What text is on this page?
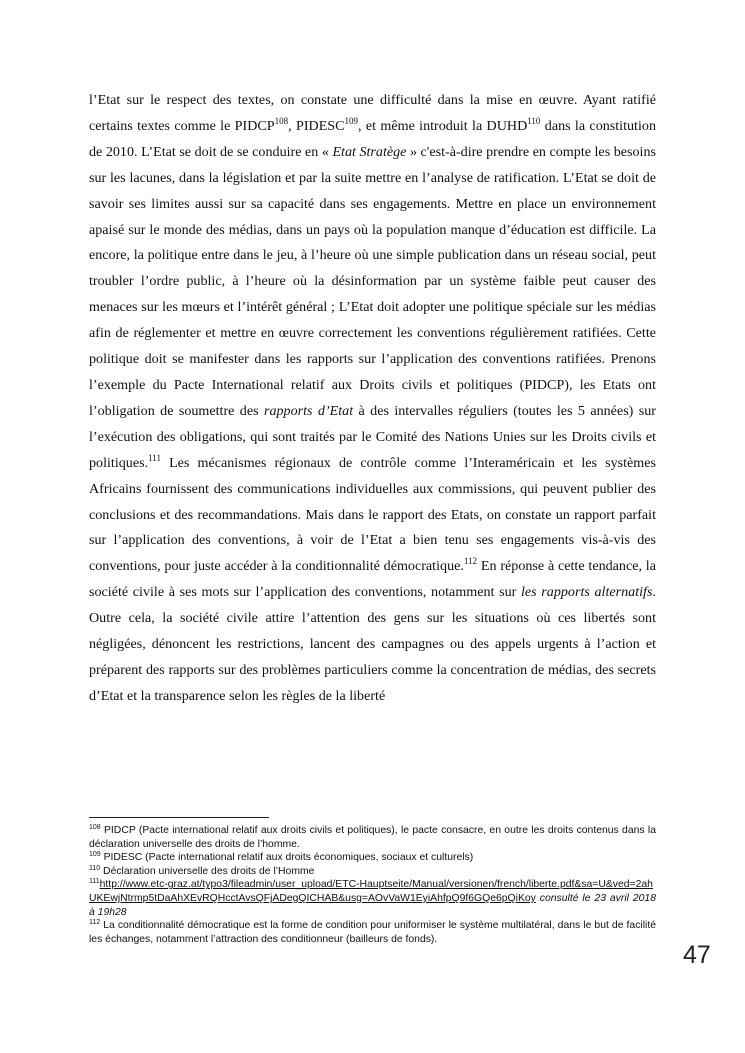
l’Etat sur le respect des textes, on constate une difficulté dans la mise en œuvre. Ayant ratifié certains textes comme le PIDCP$^{108}$, PIDESC$^{109}$, et même introduit la DUHD$^{110}$ dans la constitution de 2010. L’Etat se doit de se conduire en « Etat Stratège » c'est-à-dire prendre en compte les besoins sur les lacunes, dans la législation et par la suite mettre en l’analyse de ratification. L’Etat se doit de savoir ses limites aussi sur sa capacité dans ses engagements. Mettre en place un environnement apaisé sur le monde des médias, dans un pays où la population manque d’éducation est difficile. La encore, la politique entre dans le jeu, à l’heure où une simple publication dans un réseau social, peut troubler l’ordre public, à l’heure où la désinformation par un système faible peut causer des menaces sur les mœurs et l’intérêt général ; L’Etat doit adopter une politique spéciale sur les médias afin de réglementer et mettre en œuvre correctement les conventions régulièrement ratifiées. Cette politique doit se manifester dans les rapports sur l’application des conventions ratifiées. Prenons l’exemple du Pacte International relatif aux Droits civils et politiques (PIDCP), les Etats ont l’obligation de soumettre des rapports d’Etat à des intervalles réguliers (toutes les 5 années) sur l’exécution des obligations, qui sont traités par le Comité des Nations Unies sur les Droits civils et politiques.$^{111}$ Les mécanismes régionaux de contrôle comme l’Interaméricain et les systèmes Africains fournissent des communications individuelles aux commissions, qui peuvent publier des conclusions et des recommandations. Mais dans le rapport des Etats, on constate un rapport parfait sur l’application des conventions, à voir de l’Etat a bien tenu ses engagements vis-à-vis des conventions, pour juste accéder à la conditionnalité démocratique.$^{112}$ En réponse à cette tendance, la société civile à ses mots sur l’application des conventions, notamment sur les rapports alternatifs. Outre cela, la société civile attire l’attention des gens sur les situations où ces libertés sont négligées, dénoncent les restrictions, lancent des campagnes ou des appels urgents à l’action et préparent des rapports sur des problèmes particuliers comme la concentration de médias, des secrets d’Etat et la transparence selon les règles de la liberté

$^{108}$ PIDCP (Pacte international relatif aux droits civils et politiques), le pacte consacre, en outre les droits contenus dans la déclaration universelle des droits de l’homme.

$^{109}$ PIDESC (Pacte international relatif aux droits économiques, sociaux et culturels)

$^{110}$ Déclaration universelle des droits de l’Homme

$^{111}$http://www.etc-graz.at/typo3/fileadmin/user_upload/ETC-Hauptseite/Manual/versionen/french/liberte.pdf&sa=U&ved=2ahUKEwjNtrmp5tDaAhXEvRQHcctAvsQFjADegQICHAB&usg=AOvVaW1EyiAhfpQ9f6GQe6pQiKoy consulté le 23 avril 2018 à 19h28

$^{112}$ La conditionnalité démocratique est la forme de condition pour uniformiser le système multilatéral, dans le but de facilité les échanges, notamment l’attraction des conditionneur (bailleurs de fonds).

47
